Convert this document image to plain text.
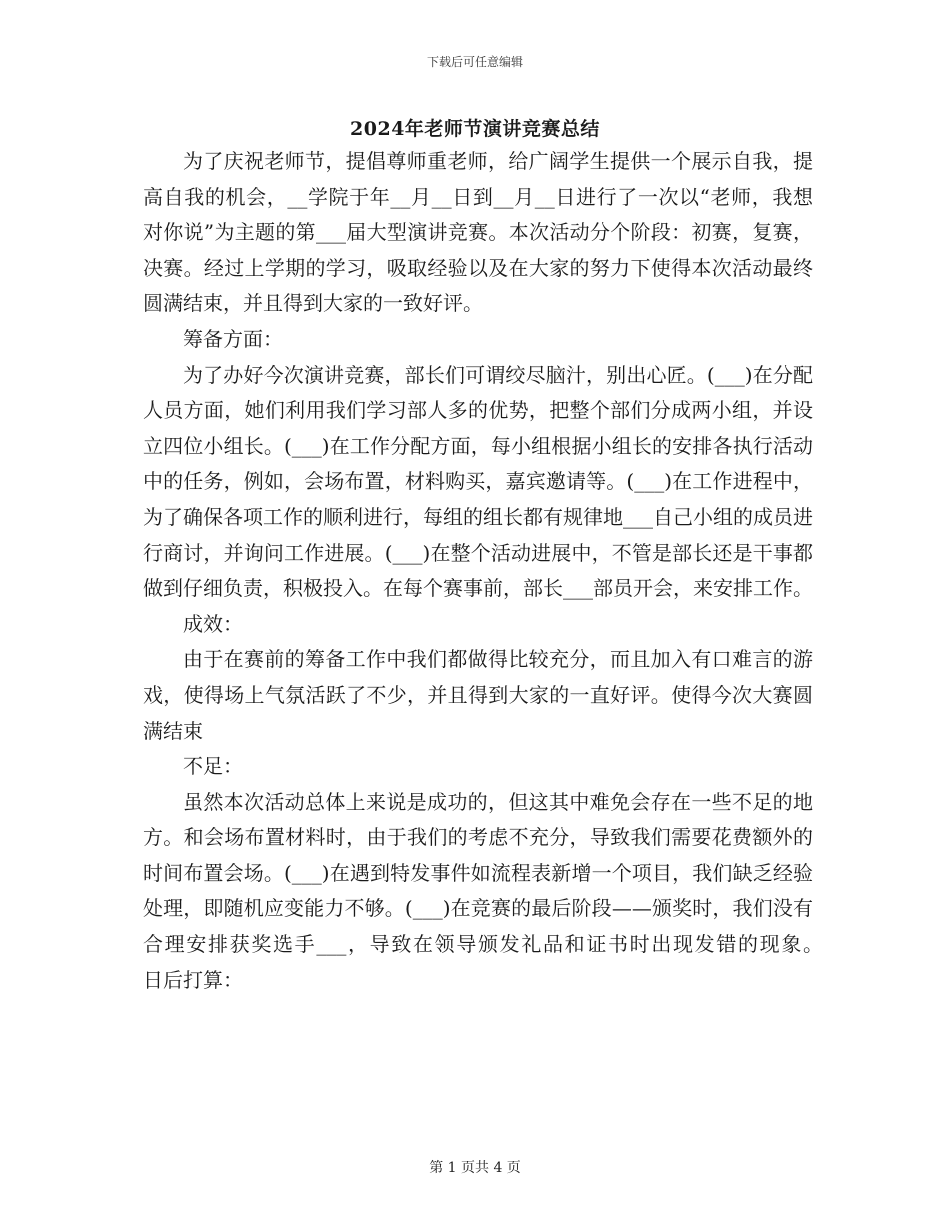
下载后可任意编辑
2024年老师节演讲竞赛总结

为了庆祝老师节，提倡尊师重老师，给广阔学生提供一个展示自我，提高自我的机会，__学院于年__月__日到__月__日进行了一次以“老师，我想对你说”为主题的第___届大型演讲竞赛。本次活动分个阶段：初赛，复赛，决赛。经过上学期的学习，吸取经验以及在大家的努力下使得本次活动最终圆满结束，并且得到大家的一致好评。

筹备方面：

为了办好今次演讲竞赛，部长们可谓绞尽脑汁，别出心匠。(___)在分配人员方面，她们利用我们学习部人多的优势，把整个部们分成两小组，并设立四位小组长。(___)在工作分配方面，每小组根据小组长的安排各执行活动中的任务，例如，会场布置，材料购买，嘉宾邀请等。(___)在工作进程中，为了确保各项工作的顺利进行，每组的组长都有规律地___自己小组的成员进行商讨，并询问工作进展。(___)在整个活动进展中，不管是部长还是干事都做到仔细负责，积极投入。在每个赛事前，部长___部员开会，来安排工作。

成效：

由于在赛前的筹备工作中我们都做得比较充分，而且加入有口难言的游戏，使得场上气氛活跃了不少，并且得到大家的一直好评。使得今次大赛圆满结束

不足：

虽然本次活动总体上来说是成功的，但这其中难免会存在一些不足的地方。和会场布置材料时，由于我们的考虑不充分，导致我们需要花费额外的时间布置会场。(___)在遇到特发事件如流程表新增一个项目，我们缺乏经验处理，即随机应变能力不够。(___)在竞赛的最后阶段——颁奖时，我们没有合理安排获奖选手___，导致在领导颁发礼品和证书时出现发错的现象。　　日后打算：

第 1 页共 4 页
